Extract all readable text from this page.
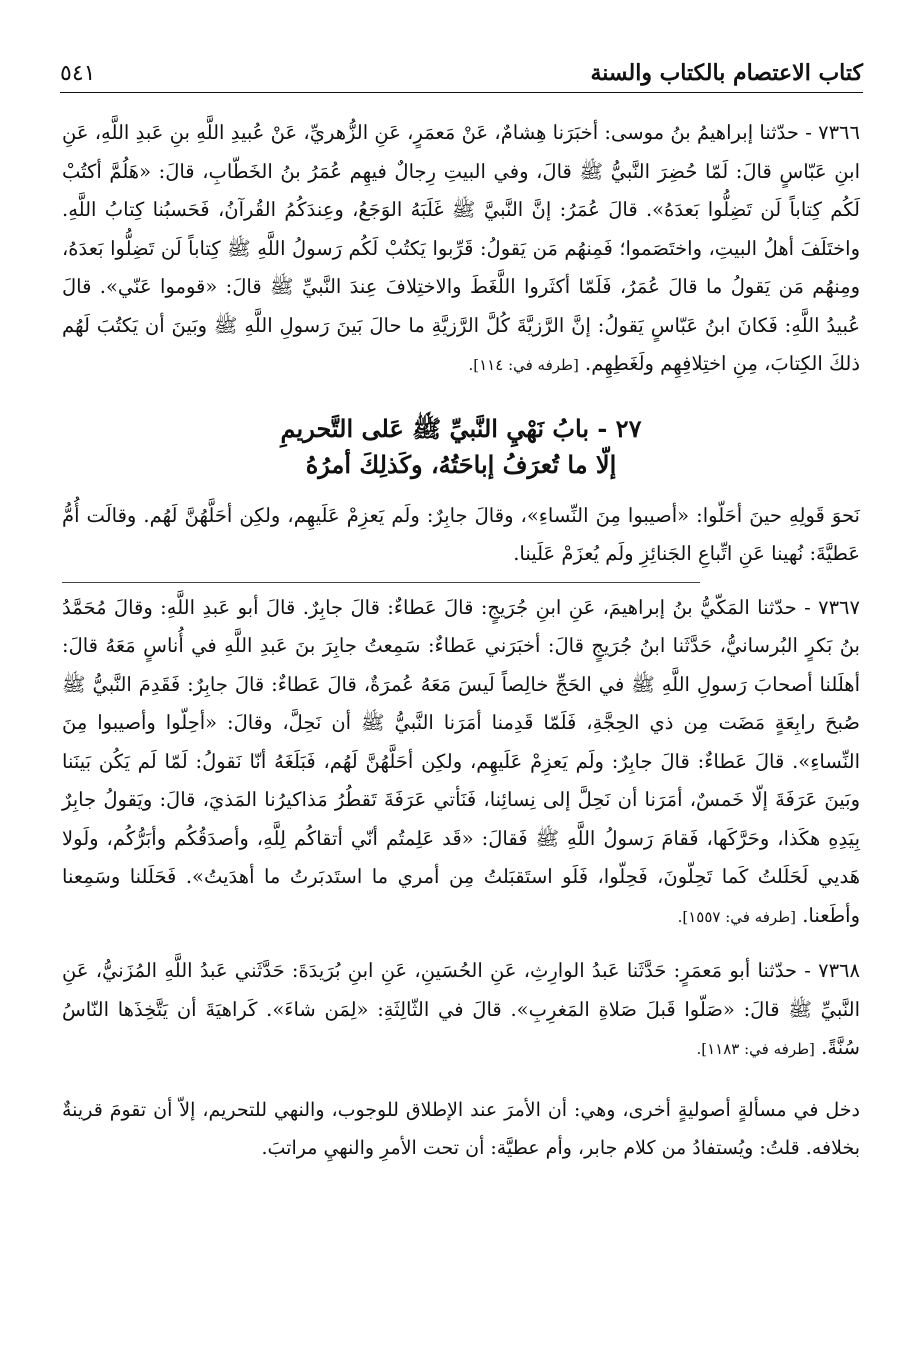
كتاب الاعتصام بالكتاب والسنة
٥٤١

٧٣٦٦ - حدّثنا إبراهيمُ بنُ موسى: أخبَرَنا هِشامٌ، عَنْ مَعمَرٍ، عَنِ الزُّهريِّ، عَنْ عُبيدِ اللَّهِ بنِ عَبدِ اللَّهِ، عَنِ ابنِ عَبّاسٍ قالَ: لَمّا حُضِرَ النَّبيُّ ﷺ قالَ، وفي البيتِ رِجالٌ فيهِم عُمَرُ بنُ الخَطّابِ، قالَ: «هَلُمَّ أكتُبْ لَكُم كِتاباً لَن تَضِلُّوا بَعدَهُ». قالَ عُمَرُ: إنَّ النَّبيَّ ﷺ غَلَبَهُ الوَجَعُ، وعِندَكُمُ القُرآنُ، فَحَسبُنا كِتابُ اللَّهِ. واختَلَفَ أهلُ البيتِ، واختَصَموا؛ فَمِنهُم مَن يَقولُ: قَرِّبوا يَكتُبْ لَكُم رَسولُ اللَّهِ ﷺ كِتاباً لَن تَضِلُّوا بَعدَهُ، ومِنهُم مَن يَقولُ ما قالَ عُمَرُ، فَلَمّا أكثَروا اللَّغَطَ والاختِلافَ عِندَ النَّبيِّ ﷺ قالَ: «قوموا عَنّي». قالَ عُبيدُ اللَّهِ: فَكانَ ابنُ عَبّاسٍ يَقولُ: إنَّ الرَّزيَّةَ كُلَّ الرَّزيَّةِ ما حالَ بَينَ رَسولِ اللَّهِ ﷺ وبَينَ أن يَكتُبَ لَهُم ذلكَ الكِتابَ، مِنِ اختِلافِهِم ولَغَطِهِم. [طرفه في: ١١٤].

٢٧ - بابُ نَهْيِ النَّبيِّ ﷺ عَلى التَّحريمِ
إلّا ما تُعرَفُ إباحَتُهُ، وكَذلِكَ أمرُهُ

نَحوَ قَولِهِ حينَ أحَلّوا: «أصيبوا مِنَ النِّساءِ»، وقالَ جابِرٌ: ولَم يَعزِمْ عَلَيهِم، ولكِن أحَلَّهُنَّ لَهُم. وقالَت أُمُّ عَطيَّةَ: نُهينا عَنِ اتِّباعِ الجَنائِزِ ولَم يُعزَمْ عَلَينا.

٧٣٦٧ - حدّثنا المَكّيُّ بنُ إبراهيمَ، عَنِ ابنِ جُرَيجٍ: قالَ عَطاءٌ: قالَ جابِرٌ. قالَ أبو عَبدِ اللَّهِ: وقالَ مُحَمَّدُ بنُ بَكرٍ البُرسانيُّ، حَدَّثَنا ابنُ جُرَيجٍ قالَ: أخبَرَني عَطاءٌ: سَمِعتُ جابِرَ بنَ عَبدِ اللَّهِ في أُناسٍ مَعَهُ قالَ: أهلَلنا أصحابَ رَسولِ اللَّهِ ﷺ في الحَجِّ خالِصاً لَيسَ مَعَهُ عُمرَةٌ، قالَ عَطاءٌ: قالَ جابِرٌ: فَقَدِمَ النَّبيُّ ﷺ صُبحَ رابِعَةٍ مَضَت مِن ذي الحِجَّةِ، فَلَمّا قَدِمنا أمَرَنا النَّبيُّ ﷺ أن نَحِلَّ، وقالَ: «أحِلّوا وأصيبوا مِنَ النِّساءِ». قالَ عَطاءٌ: قالَ جابِرٌ: ولَم يَعزِمْ عَلَيهِم، ولكِن أحَلَّهُنَّ لَهُم، فَبَلَغَهُ أنّا نَقولُ: لَمّا لَم يَكُن بَينَنا وبَينَ عَرَفَةَ إلّا خَمسٌ، أمَرَنا أن نَحِلَّ إلى نِسائِنا، فَنَأتي عَرَفَةَ تَقطُرُ مَذاكيرُنا المَذيَ، قالَ: ويَقولُ جابِرٌ بِيَدِهِ هكَذا، وحَرَّكَها، فَقامَ رَسولُ اللَّهِ ﷺ فَقالَ: «قَد عَلِمتُم أنّي أتقاكُم لِلَّهِ، وأصدَقُكُم وأبَرُّكُم، ولَولا هَديي لَحَلَلتُ كَما تَحِلّونَ، فَحِلّوا، فَلَو استَقبَلتُ مِن أمري ما استَدبَرتُ ما أهدَيتُ». فَحَلَلنا وسَمِعنا وأطَعنا. [طرفه في: ١٥٥٧].

٧٣٦٨ - حدّثنا أبو مَعمَرٍ: حَدَّثَنا عَبدُ الوارِثِ، عَنِ الحُسَينِ، عَنِ ابنِ بُرَيدَةَ: حَدَّثَني عَبدُ اللَّهِ المُزَنيُّ، عَنِ النَّبيِّ ﷺ قالَ: «صَلّوا قَبلَ صَلاةِ المَغرِبِ». قالَ في الثّالِثَةِ: «لِمَن شاءَ». كَراهيَةَ أن يَتَّخِذَها النّاسُ سُنَّةً. [طرفه في: ١١٨٣].

دخل في مسألةٍ أصوليةٍ أخرى، وهي: أن الأمرَ عند الإطلاق للوجوب، والنهي للتحريم، إلاّ أن تقومَ قرينةٌ بخلافه. قلتُ: ويُستفادُ من كلام جابر، وأم عطيَّة: أن تحت الأمرِ والنهيِ مراتبَ.
